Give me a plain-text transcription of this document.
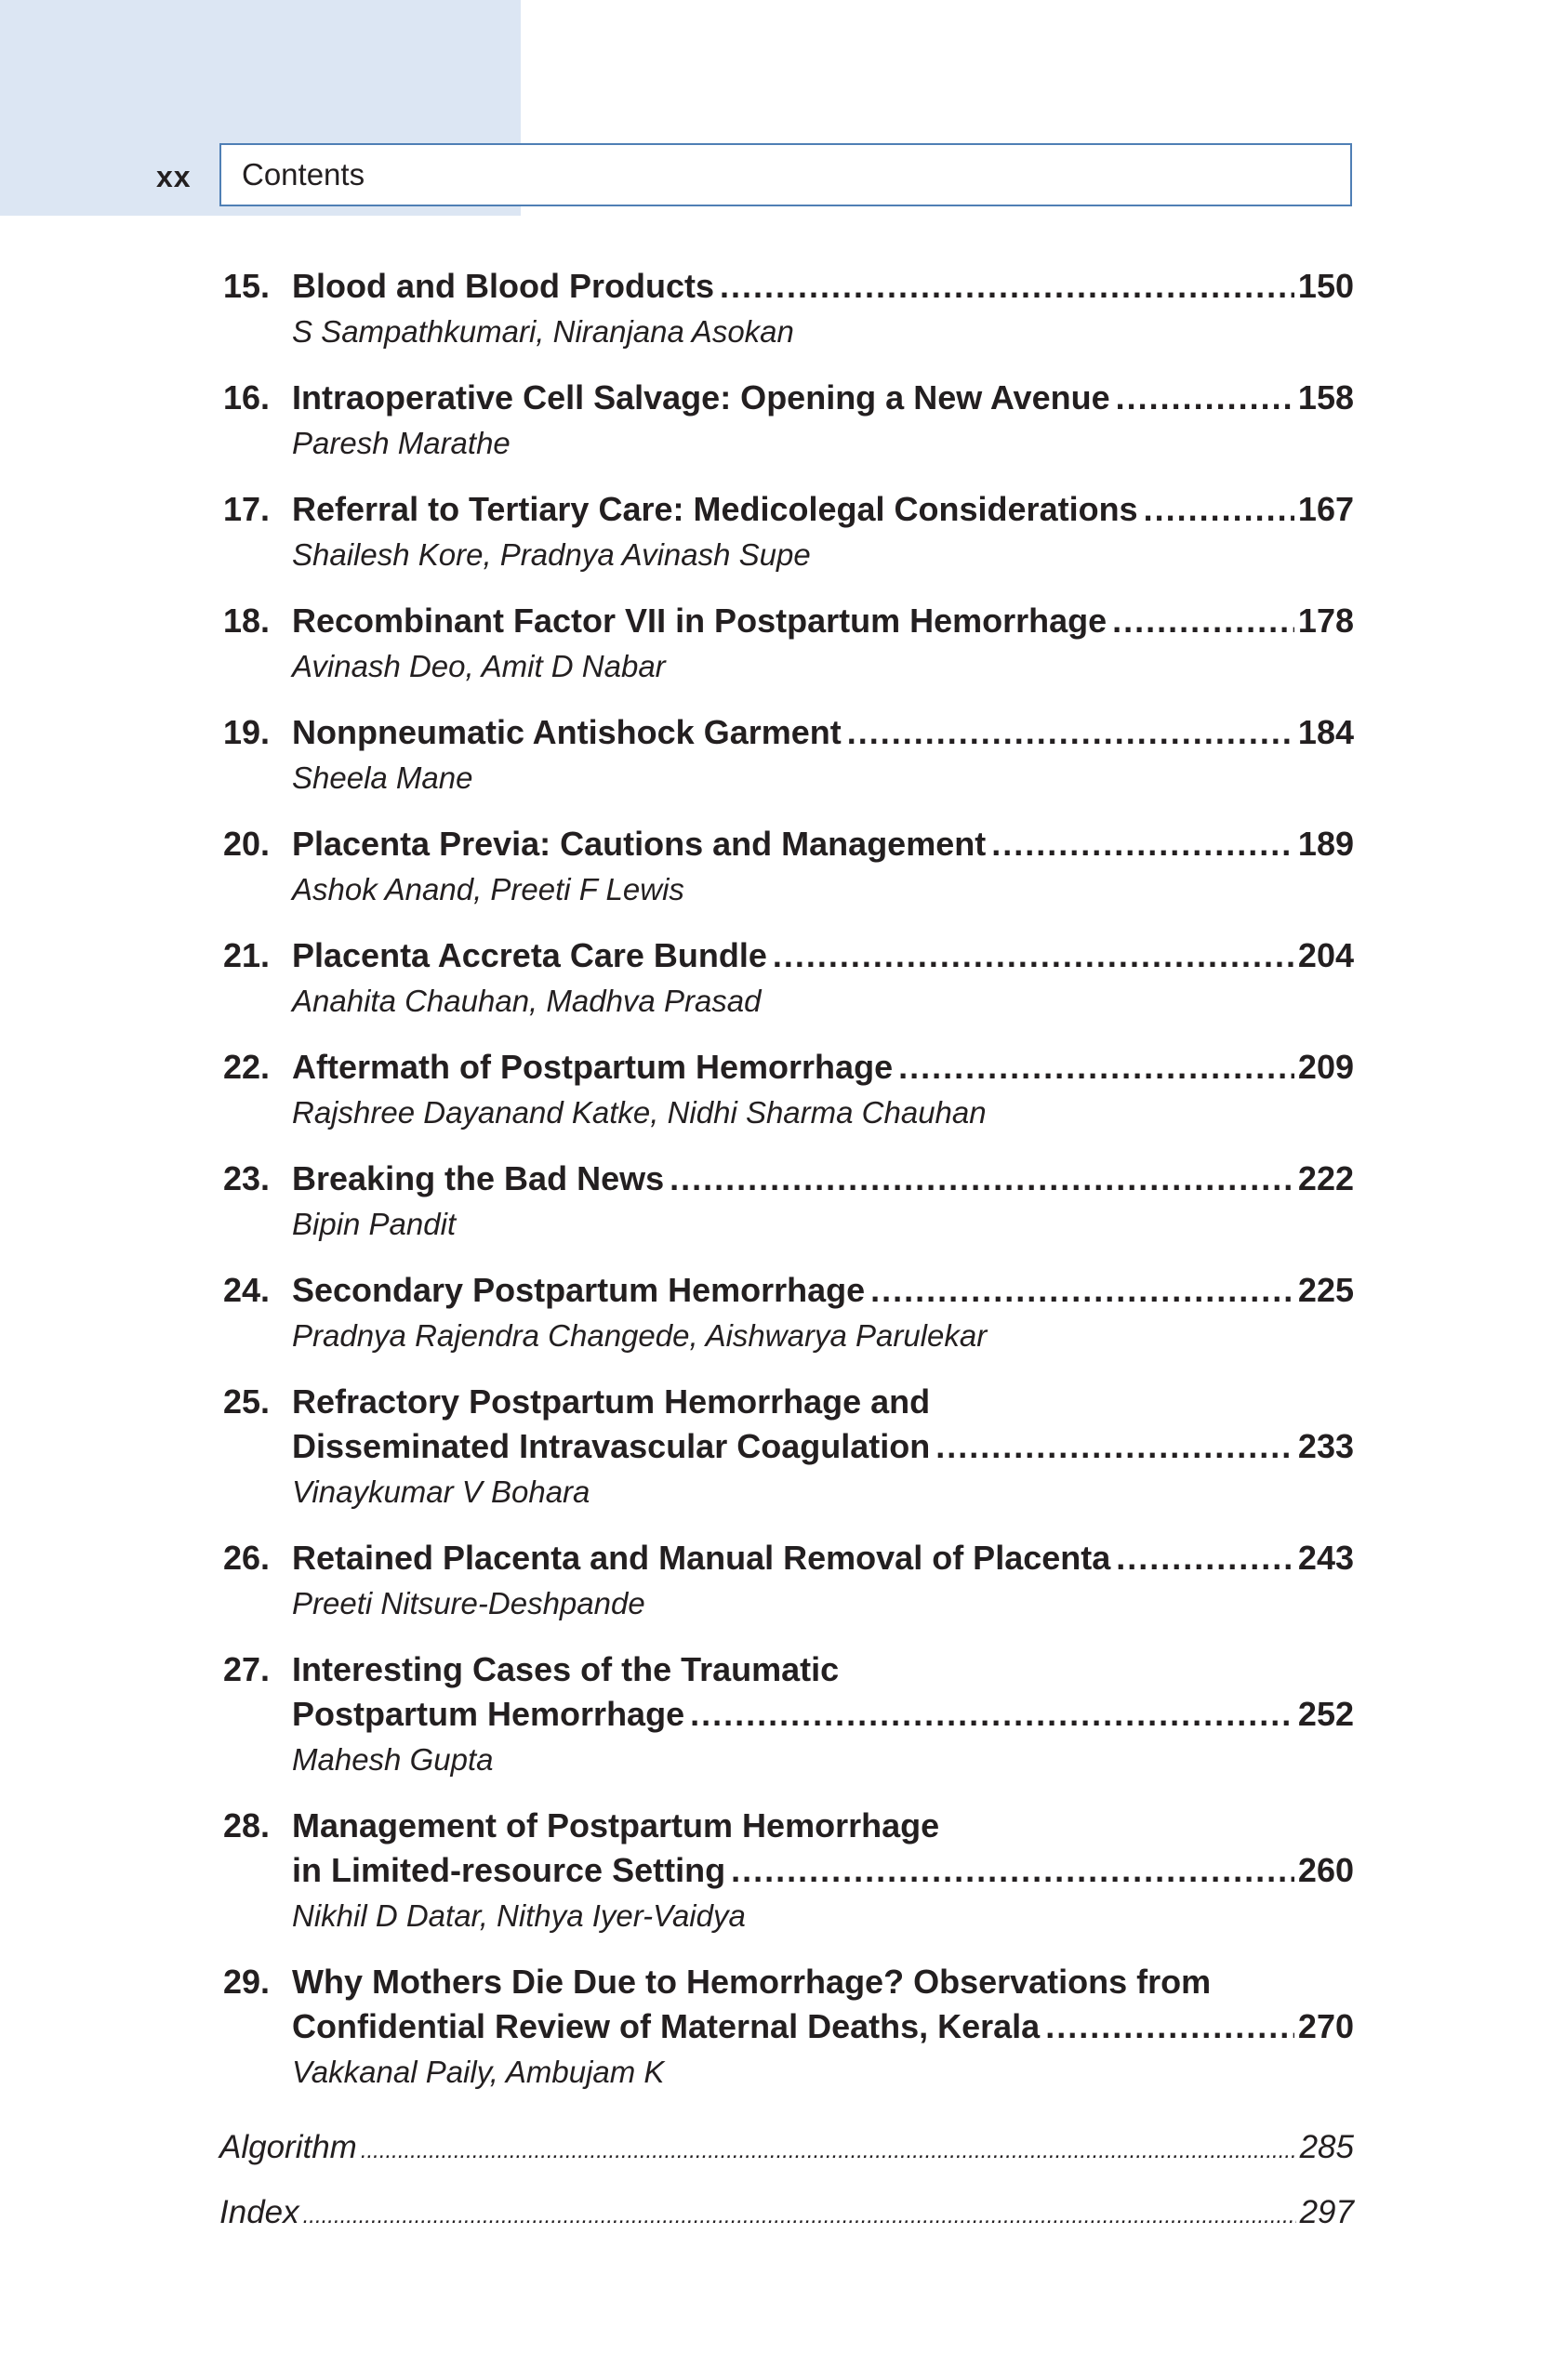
xx	Contents
15. Blood and Blood Products .....	150
S Sampathkumari, Niranjana Asokan
16. Intraoperative Cell Salvage: Opening a New Avenue .....	158
Paresh Marathe
17. Referral to Tertiary Care: Medicolegal Considerations .....	167
Shailesh Kore, Pradnya Avinash Supe
18. Recombinant Factor VII in Postpartum Hemorrhage .....	178
Avinash Deo, Amit D Nabar
19. Nonpneumatic Antishock Garment .....	184
Sheela Mane
20. Placenta Previa: Cautions and Management .....	189
Ashok Anand, Preeti F Lewis
21. Placenta Accreta Care Bundle .....	204
Anahita Chauhan, Madhva Prasad
22. Aftermath of Postpartum Hemorrhage .....	209
Rajshree Dayanand Katke, Nidhi Sharma Chauhan
23. Breaking the Bad News .....	222
Bipin Pandit
24. Secondary Postpartum Hemorrhage .....	225
Pradnya Rajendra Changede, Aishwarya Parulekar
25. Refractory Postpartum Hemorrhage and
Disseminated Intravascular Coagulation .....	233
Vinaykumar V Bohara
26. Retained Placenta and Manual Removal of Placenta .....	243
Preeti Nitsure-Deshpande
27. Interesting Cases of the Traumatic
Postpartum Hemorrhage .....	252
Mahesh Gupta
28. Management of Postpartum Hemorrhage
in Limited-resource Setting .....	260
Nikhil D Datar, Nithya Iyer-Vaidya
29. Why Mothers Die Due to Hemorrhage? Observations from
Confidential Review of Maternal Deaths, Kerala .....	270
Vakkanal Paily, Ambujam K
Algorithm .....	285
Index .....	297
